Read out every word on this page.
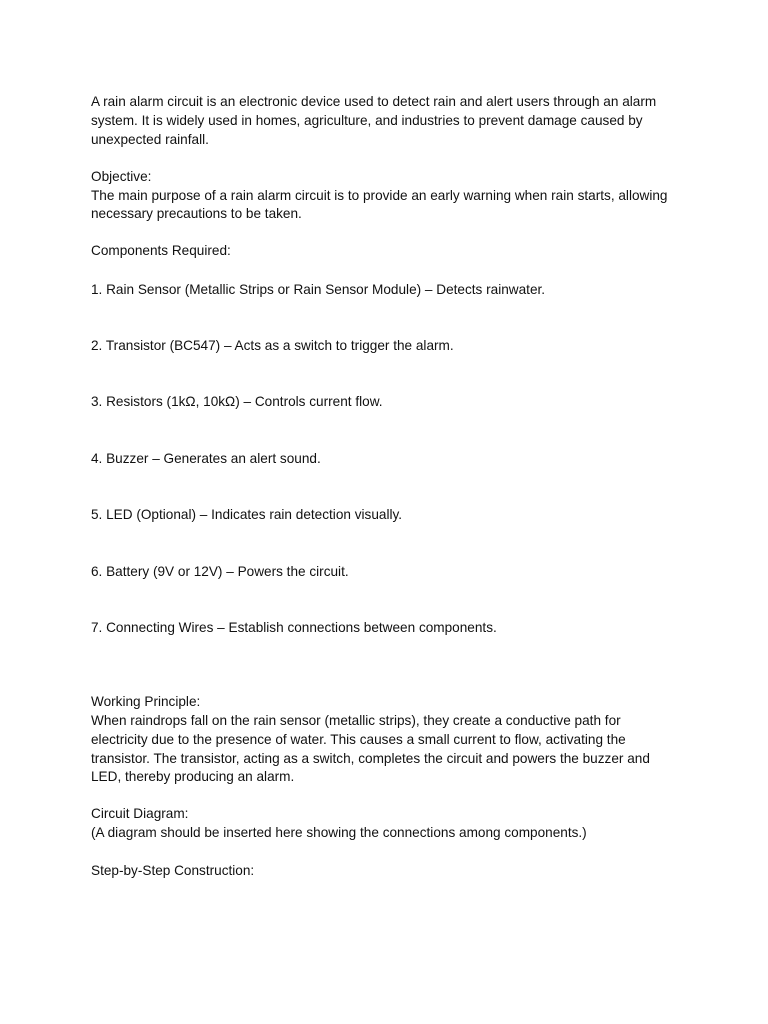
A rain alarm circuit is an electronic device used to detect rain and alert users through an alarm
system. It is widely used in homes, agriculture, and industries to prevent damage caused by
unexpected rainfall.
Objective:
The main purpose of a rain alarm circuit is to provide an early warning when rain starts, allowing
necessary precautions to be taken.
Components Required:
1. Rain Sensor (Metallic Strips or Rain Sensor Module) – Detects rainwater.
2. Transistor (BC547) – Acts as a switch to trigger the alarm.
3. Resistors (1kΩ, 10kΩ) – Controls current flow.
4. Buzzer – Generates an alert sound.
5. LED (Optional) – Indicates rain detection visually.
6. Battery (9V or 12V) – Powers the circuit.
7. Connecting Wires – Establish connections between components.
Working Principle:
When raindrops fall on the rain sensor (metallic strips), they create a conductive path for
electricity due to the presence of water. This causes a small current to flow, activating the
transistor. The transistor, acting as a switch, completes the circuit and powers the buzzer and
LED, thereby producing an alarm.
Circuit Diagram:
(A diagram should be inserted here showing the connections among components.)
Step-by-Step Construction:
